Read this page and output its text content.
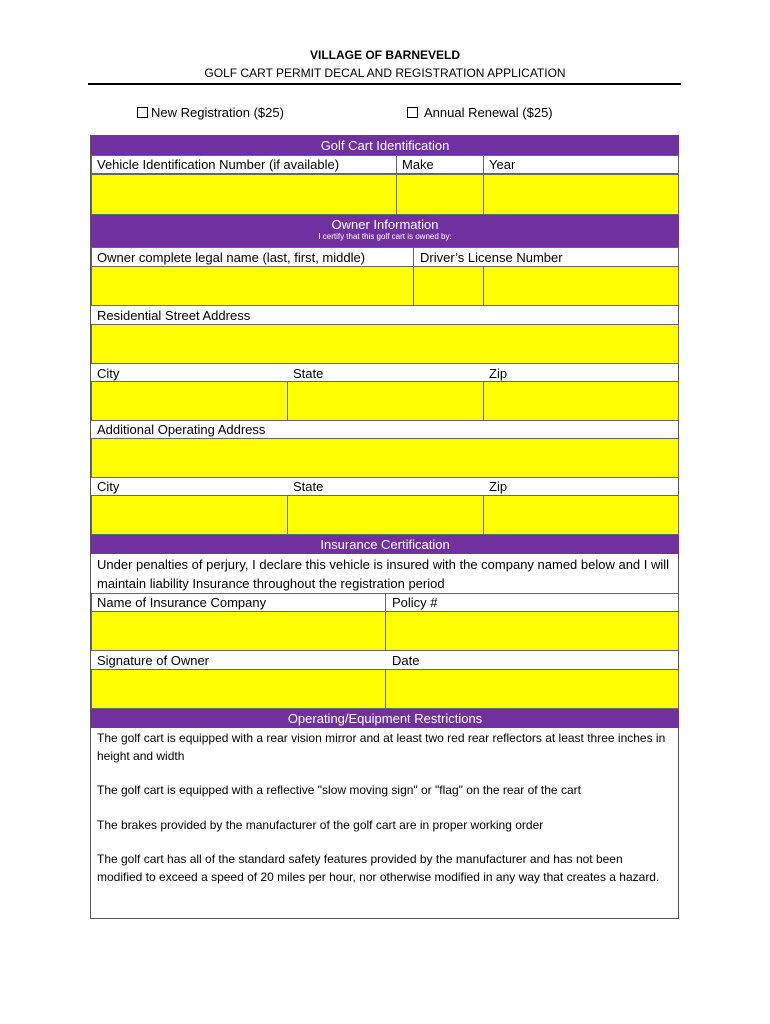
VILLAGE OF BARNEVELD
GOLF CART PERMIT DECAL AND REGISTRATION APPLICATION
New Registration ($25)	Annual Renewal ($25)
Golf Cart Identification
Vehicle Identification Number (if available)	Make	Year
Owner Information
I certify that this golf cart is owned by:
Owner complete legal name (last, first, middle)	Driver’s License Number
Residential Street Address
City	State	Zip
Additional Operating Address
City	State	Zip
Insurance Certification
Under penalties of perjury, I declare this vehicle is insured with the company named below and I will maintain liability Insurance throughout the registration period
Name of Insurance Company	Policy #
Signature of Owner	Date
Operating/Equipment Restrictions
The golf cart is equipped with a rear vision mirror and at least two red rear reflectors at least three inches in height and width
The golf cart is equipped with a reflective "slow moving sign" or "flag" on the rear of the cart
The brakes provided by the manufacturer of the golf cart are in proper working order
The golf cart has all of the standard safety features provided by the manufacturer and has not been modified to exceed a speed of 20 miles per hour, nor otherwise modified in any way that creates a hazard.
